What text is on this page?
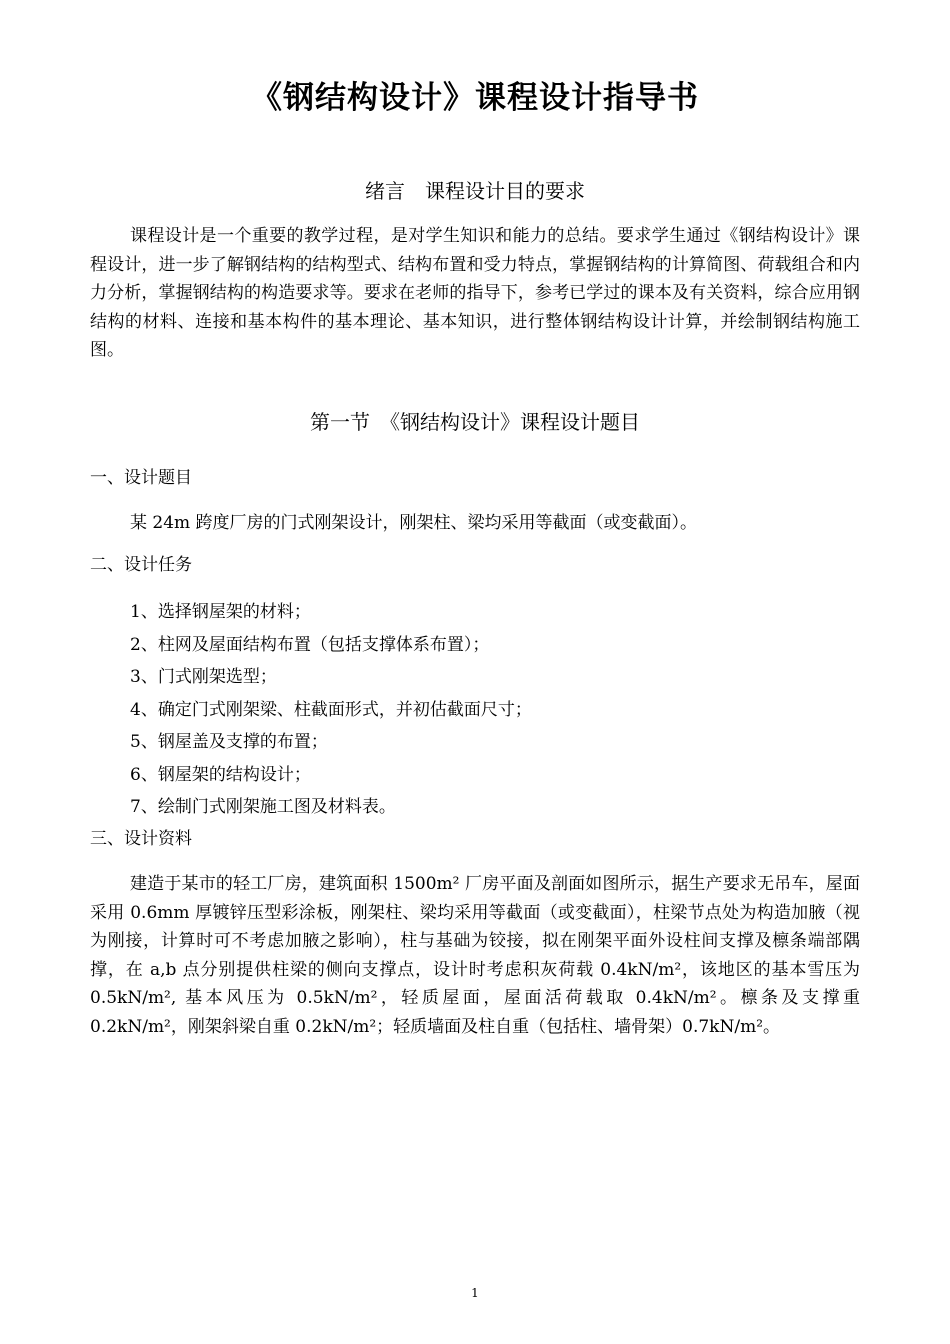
《钢结构设计》课程设计指导书
绪言　课程设计目的要求

课程设计是一个重要的教学过程，是对学生知识和能力的总结。要求学生通过《钢结构设计》课程设计，进一步了解钢结构的结构型式、结构布置和受力特点，掌握钢结构的计算简图、荷载组合和内力分析，掌握钢结构的构造要求等。要求在老师的指导下，参考已学过的课本及有关资料，综合应用钢结构的材料、连接和基本构件的基本理论、基本知识，进行整体钢结构设计计算，并绘制钢结构施工图。

第一节　《钢结构设计》课程设计题目
一、设计题目
某 24m 跨度厂房的门式刚架设计，刚架柱、梁均采用等截面（或变截面）。
二、设计任务
1、选择钢屋架的材料；
2、柱网及屋面结构布置（包括支撑体系布置）；
3、门式刚架选型；
4、确定门式刚架梁、柱截面形式，并初估截面尺寸；
5、钢屋盖及支撑的布置；
6、钢屋架的结构设计；
7、绘制门式刚架施工图及材料表。
三、设计资料

建造于某市的轻工厂房，建筑面积 1500m² 厂房平面及剖面如图所示，据生产要求无吊车，屋面采用 0.6mm 厚镀锌压型彩涂板，刚架柱、梁均采用等截面（或变截面），柱梁节点处为构造加腋（视为刚接，计算时可不考虑加腋之影响），柱与基础为铰接，拟在刚架平面外设柱间支撑及檩条端部隅撑，在 a,b 点分别提供柱梁的侧向支撑点，设计时考虑积灰荷载 0.4kN/m²，该地区的基本雪压为 0.5kN/m², 基本风压为 0.5kN/m²，轻质屋面，屋面活荷载取 0.4kN/m²。檩条及支撑重 0.2kN/m²，刚架斜梁自重 0.2kN/m²；轻质墙面及柱自重（包括柱、墙骨架）0.7kN/m²。

1
